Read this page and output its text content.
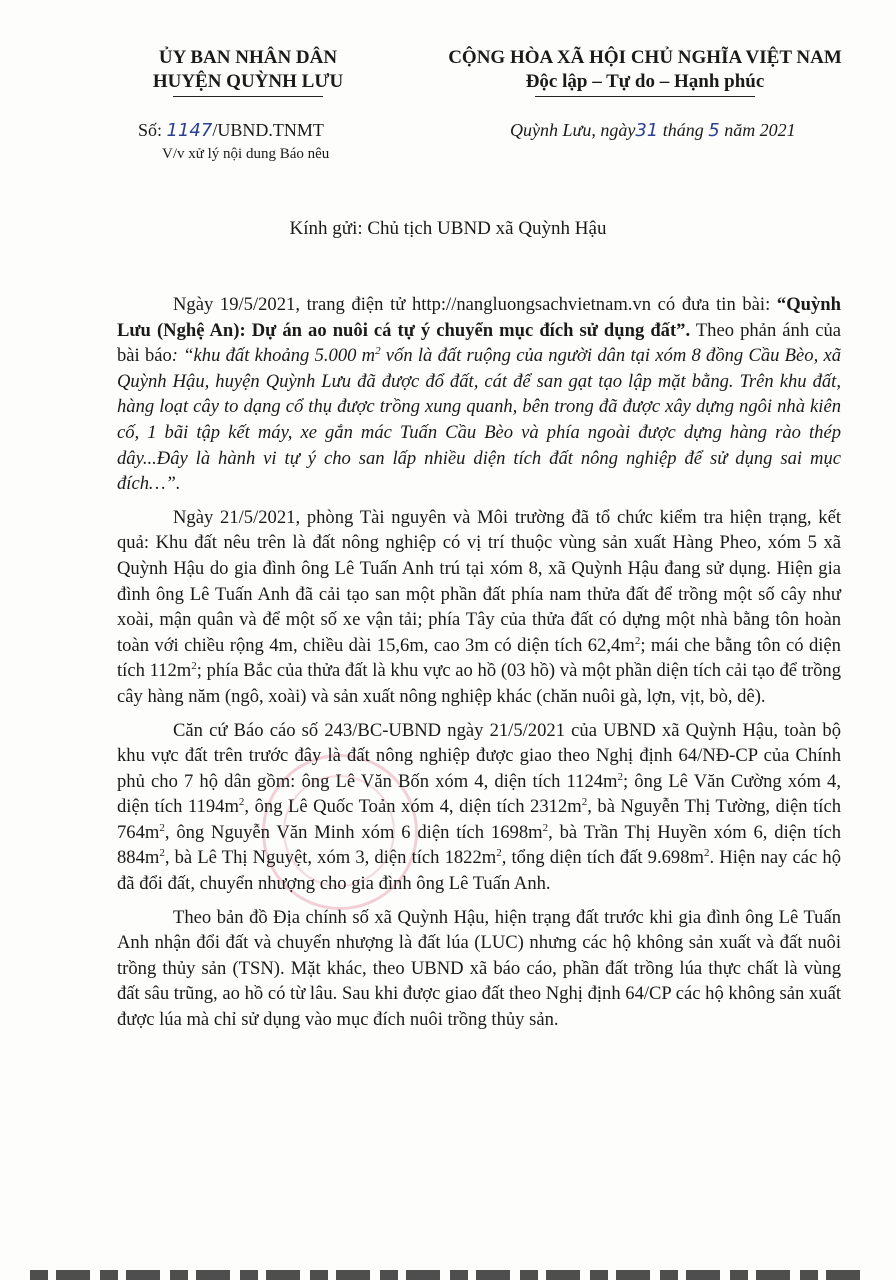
ỦY BAN NHÂN DÂN
HUYỆN QUỲNH LƯU
CỘNG HÒA XÃ HỘI CHỦ NGHĨA VIỆT NAM
Độc lập – Tự do – Hạnh phúc
Số: 1147/UBND.TNMT
V/v xử lý nội dung Báo nêu
Quỳnh Lưu, ngày31 tháng 5 năm 2021
Kính gửi: Chủ tịch UBND xã Quỳnh Hậu

Ngày 19/5/2021, trang điện tử http://nangluongsachvietnam.vn có đưa tin bài: “Quỳnh Lưu (Nghệ An): Dự án ao nuôi cá tự ý chuyển mục đích sử dụng đất”. Theo phản ánh của bài báo: “khu đất khoảng 5.000 $m^2$ vốn là đất ruộng của người dân tại xóm 8 đồng Cầu Bèo, xã Quỳnh Hậu, huyện Quỳnh Lưu đã được đổ đất, cát để san gạt tạo lập mặt bằng. Trên khu đất, hàng loạt cây to dạng cổ thụ được trồng xung quanh, bên trong đã được xây dựng ngôi nhà kiên cố, 1 bãi tập kết máy, xe gắn mác Tuấn Cầu Bèo và phía ngoài được dựng hàng rào thép dây...Đây là hành vi tự ý cho san lấp nhiều diện tích đất nông nghiệp để sử dụng sai mục đích…”.

Ngày 21/5/2021, phòng Tài nguyên và Môi trường đã tổ chức kiểm tra hiện trạng, kết quả: Khu đất nêu trên là đất nông nghiệp có vị trí thuộc vùng sản xuất Hàng Pheo, xóm 5 xã Quỳnh Hậu do gia đình ông Lê Tuấn Anh trú tại xóm 8, xã Quỳnh Hậu đang sử dụng. Hiện gia đình ông Lê Tuấn Anh đã cải tạo san một phần đất phía nam thửa đất để trồng một số cây như xoài, mận quân và để một số xe vận tải; phía Tây của thửa đất có dựng một nhà bằng tôn hoàn toàn với chiều rộng 4m, chiều dài 15,6m, cao 3m có diện tích $62,4m^2$; mái che bằng tôn có diện tích $112m^2$; phía Bắc của thửa đất là khu vực ao hồ (03 hồ) và một phần diện tích cải tạo để trồng cây hàng năm (ngô, xoài) và sản xuất nông nghiệp khác (chăn nuôi gà, lợn, vịt, bò, dê).

Căn cứ Báo cáo số 243/BC-UBND ngày 21/5/2021 của UBND xã Quỳnh Hậu, toàn bộ khu vực đất trên trước đây là đất nông nghiệp được giao theo Nghị định 64/NĐ-CP của Chính phủ cho 7 hộ dân gồm: ông Lê Văn Bốn xóm 4, diện tích $1124m^2$; ông Lê Văn Cường xóm 4, diện tích $1194m^2$, ông Lê Quốc Toản xóm 4, diện tích $2312m^2$, bà Nguyễn Thị Tường, diện tích $764m^2$, ông Nguyễn Văn Minh xóm 6 diện tích $1698m^2$, bà Trần Thị Huyền xóm 6, diện tích $884m^2$, bà Lê Thị Nguyệt, xóm 3, diện tích $1822m^2$, tổng diện tích đất $9.698m^2$. Hiện nay các hộ đã đổi đất, chuyển nhượng cho gia đình ông Lê Tuấn Anh.

Theo bản đồ Địa chính số xã Quỳnh Hậu, hiện trạng đất trước khi gia đình ông Lê Tuấn Anh nhận đổi đất và chuyển nhượng là đất lúa (LUC) nhưng các hộ không sản xuất và đất nuôi trồng thủy sản (TSN). Mặt khác, theo UBND xã báo cáo, phần đất trồng lúa thực chất là vùng đất sâu trũng, ao hồ có từ lâu. Sau khi được giao đất theo Nghị định 64/CP các hộ không sản xuất được lúa mà chỉ sử dụng vào mục đích nuôi trồng thủy sản.
